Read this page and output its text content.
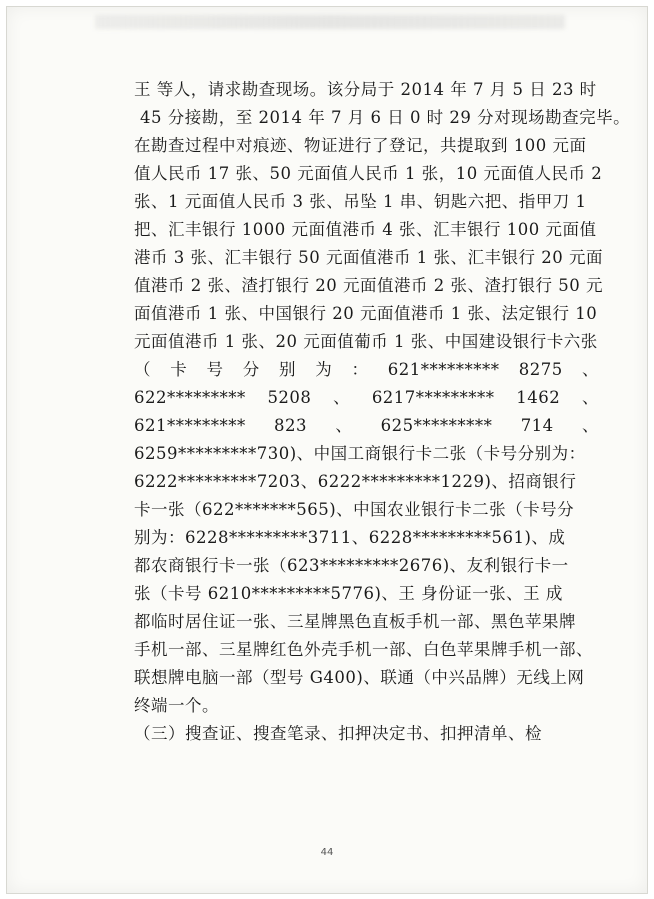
王 等人，请求勘查现场。该分局于 2014 年 7 月 5 日 23 时
45 分接勘，至 2014 年 7 月 6 日 0 时 29 分对现场勘查完毕。
在勘查过程中对痕迹、物证进行了登记，共提取到 100 元面
值人民币 17 张、50 元面值人民币 1 张，10 元面值人民币 2
张、1 元面值人民币 3 张、吊坠 1 串、钥匙六把、指甲刀 1
把、汇丰银行 1000 元面值港币 4 张、汇丰银行 100 元面值
港币 3 张、汇丰银行 50 元面值港币 1 张、汇丰银行 20 元面
值港币 2 张、渣打银行 20 元面值港币 2 张、渣打银行 50 元
面值港币 1 张、中国银行 20 元面值港币 1 张、法定银行 10
元面值港币 1 张、20 元面值葡币 1 张、中国建设银行卡六张
（ 卡 号 分 别 为 ： 621********* 8275 、
622********* 5208 、 6217********* 1462 、
621********* 823 、 625********* 714 、
6259*********730)、中国工商银行卡二张（卡号分别为：
6222*********7203、6222*********1229)、招商银行
卡一张（622*******565)、中国农业银行卡二张（卡号分
别为：6228*********3711、6228*********561)、成
都农商银行卡一张（623*********2676)、友利银行卡一
张（卡号 6210*********5776)、王 身份证一张、王 成
都临时居住证一张、三星牌黑色直板手机一部、黑色苹果牌
手机一部、三星牌红色外壳手机一部、白色苹果牌手机一部、
联想牌电脑一部（型号 G400)、联通（中兴品牌）无线上网
终端一个。
（三）搜查证、搜查笔录、扣押决定书、扣押清单、检
44
